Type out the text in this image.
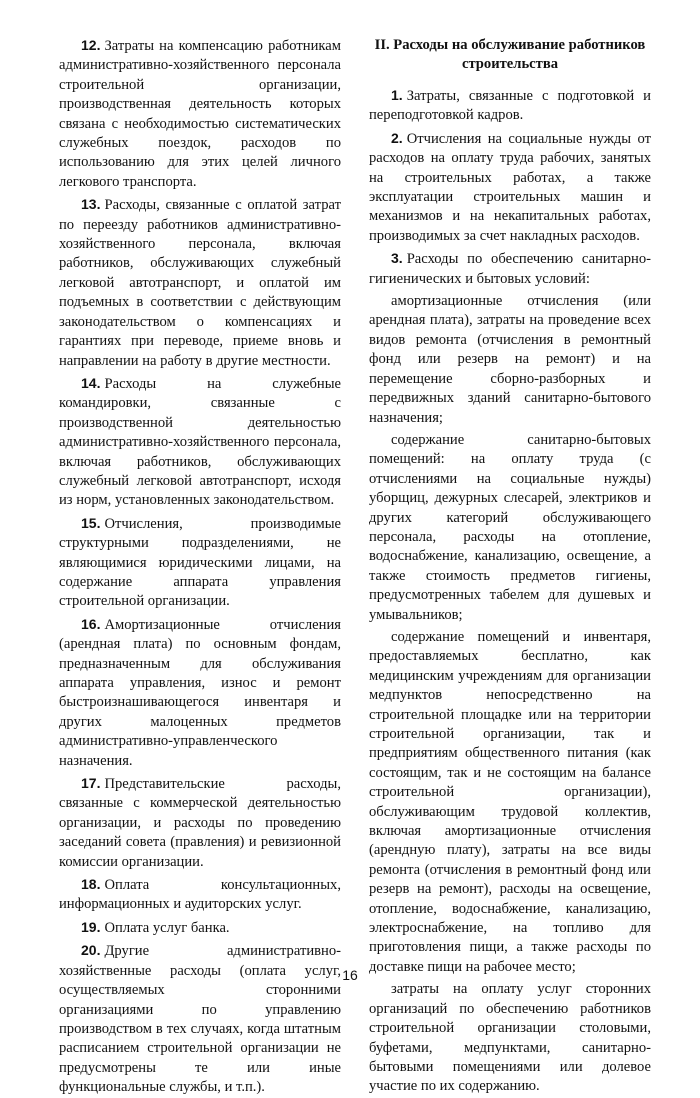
12. Затраты на компенсацию работникам административно-хозяйственного персонала строительной организации, производственная деятельность которых связана с необходимостью систематических служебных поездок, расходов по использованию для этих целей личного легкового транспорта.

13. Расходы, связанные с оплатой затрат по переезду работников административно-хозяйственного персонала, включая работников, обслуживающих служебный легковой автотранспорт, и оплатой им подъемных в соответствии с действующим законодательством о компенсациях и гарантиях при переводе, приеме вновь и направлении на работу в другие местности.

14. Расходы на служебные командировки, связанные с производственной деятельностью административно-хозяйственного персонала, включая работников, обслуживающих служебный легковой автотранспорт, исходя из норм, установленных законодательством.

15. Отчисления, производимые структурными подразделениями, не являющимися юридическими лицами, на содержание аппарата управления строительной организации.

16. Амортизационные отчисления (арендная плата) по основным фондам, предназначенным для обслуживания аппарата управления, износ и ремонт быстроизнашивающегося инвентаря и других малоценных предметов административно-управленческого назначения.

17. Представительские расходы, связанные с коммерческой деятельностью организации, и расходы по проведению заседаний совета (правления) и ревизионной комиссии организации.

18. Оплата консультационных, информационных и аудиторских услуг.

19. Оплата услуг банка.

20. Другие административно-хозяйственные расходы (оплата услуг, осуществляемых сторонними организациями по управлению производством в тех случаях, когда штатным расписанием строительной организации не предусмотрены те или иные функциональные службы, и т.п.).

II. Расходы на обслуживание работников строительства

1. Затраты, связанные с подготовкой и переподготовкой кадров.

2. Отчисления на социальные нужды от расходов на оплату труда рабочих, занятых на строительных работах, а также эксплуатации строительных машин и механизмов и на некапитальных работах, производимых за счет накладных расходов.

3. Расходы по обеспечению санитарно-гигиенических и бытовых условий:

амортизационные отчисления (или арендная плата), затраты на проведение всех видов ремонта (отчисления в ремонтный фонд или резерв на ремонт) и на перемещение сборно-разборных и передвижных зданий санитарно-бытового назначения;

содержание санитарно-бытовых помещений: на оплату труда (с отчислениями на социальные нужды) уборщиц, дежурных слесарей, электриков и других категорий обслуживающего персонала, расходы на отопление, водоснабжение, канализацию, освещение, а также стоимость предметов гигиены, предусмотренных табелем для душевых и умывальников;

содержание помещений и инвентаря, предоставляемых бесплатно, как медицинским учреждениям для организации медпунктов непосредственно на строительной площадке или на территории строительной организации, так и предприятиям общественного питания (как состоящим, так и не состоящим на балансе строительной организации), обслуживающим трудовой коллектив, включая амортизационные отчисления (арендную плату), затраты на все виды ремонта (отчисления в ремонтный фонд или резерв на ремонт), расходы на освещение, отопление, водоснабжение, канализацию, электроснабжение, на топливо для приготовления пищи, а также расходы по доставке пищи на рабочее место;

затраты на оплату услуг сторонних организаций по обеспечению работников строительной организации столовыми, буфетами, медпунктами, санитарно-бытовыми помещениями или долевое участие по их содержанию.

16
